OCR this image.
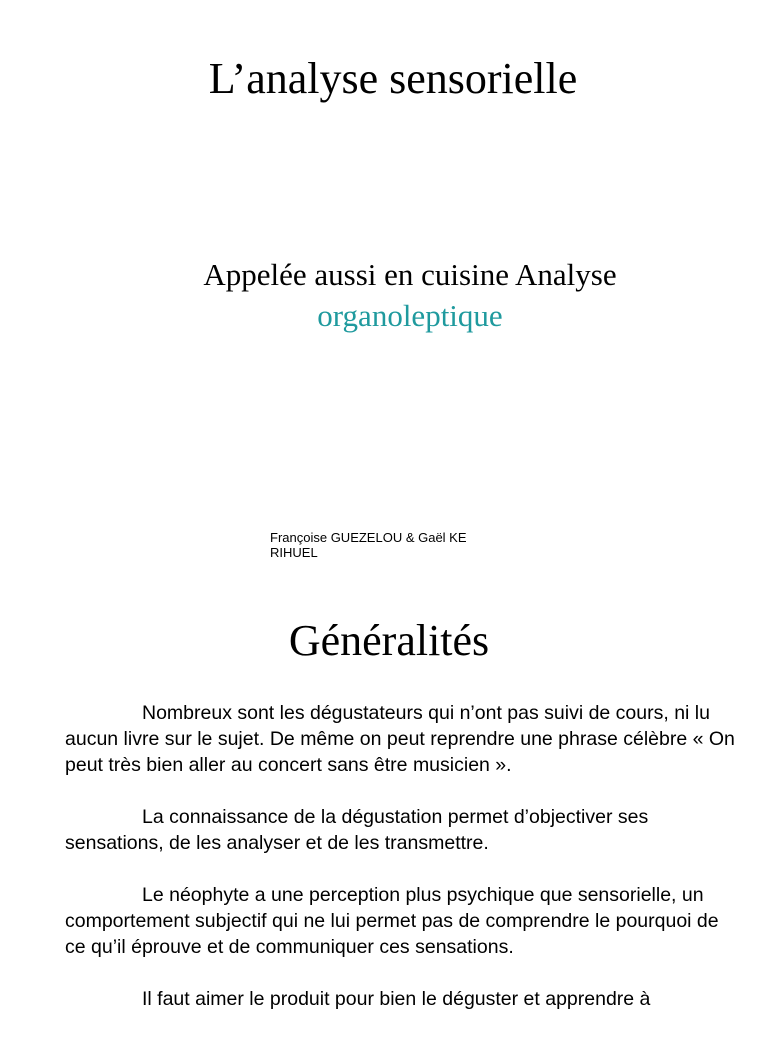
L’analyse sensorielle
Appelée aussi en cuisine Analyse
organoleptique
Françoise GUEZELOU & Gaël KE RIHUEL
Généralités

Nombreux sont les dégustateurs qui n’ont pas suivi de cours, ni lu aucun livre sur le sujet. De même on peut reprendre une phrase célèbre « On peut très bien aller au concert sans être musicien ».

La connaissance de la dégustation permet d’objectiver ses sensations, de les analyser et de les transmettre.

Le néophyte a une perception plus psychique que sensorielle, un comportement subjectif qui ne lui permet pas de comprendre le pourquoi de ce qu’il éprouve et de communiquer ces sensations.

Il faut aimer le produit pour bien le déguster et apprendre à
